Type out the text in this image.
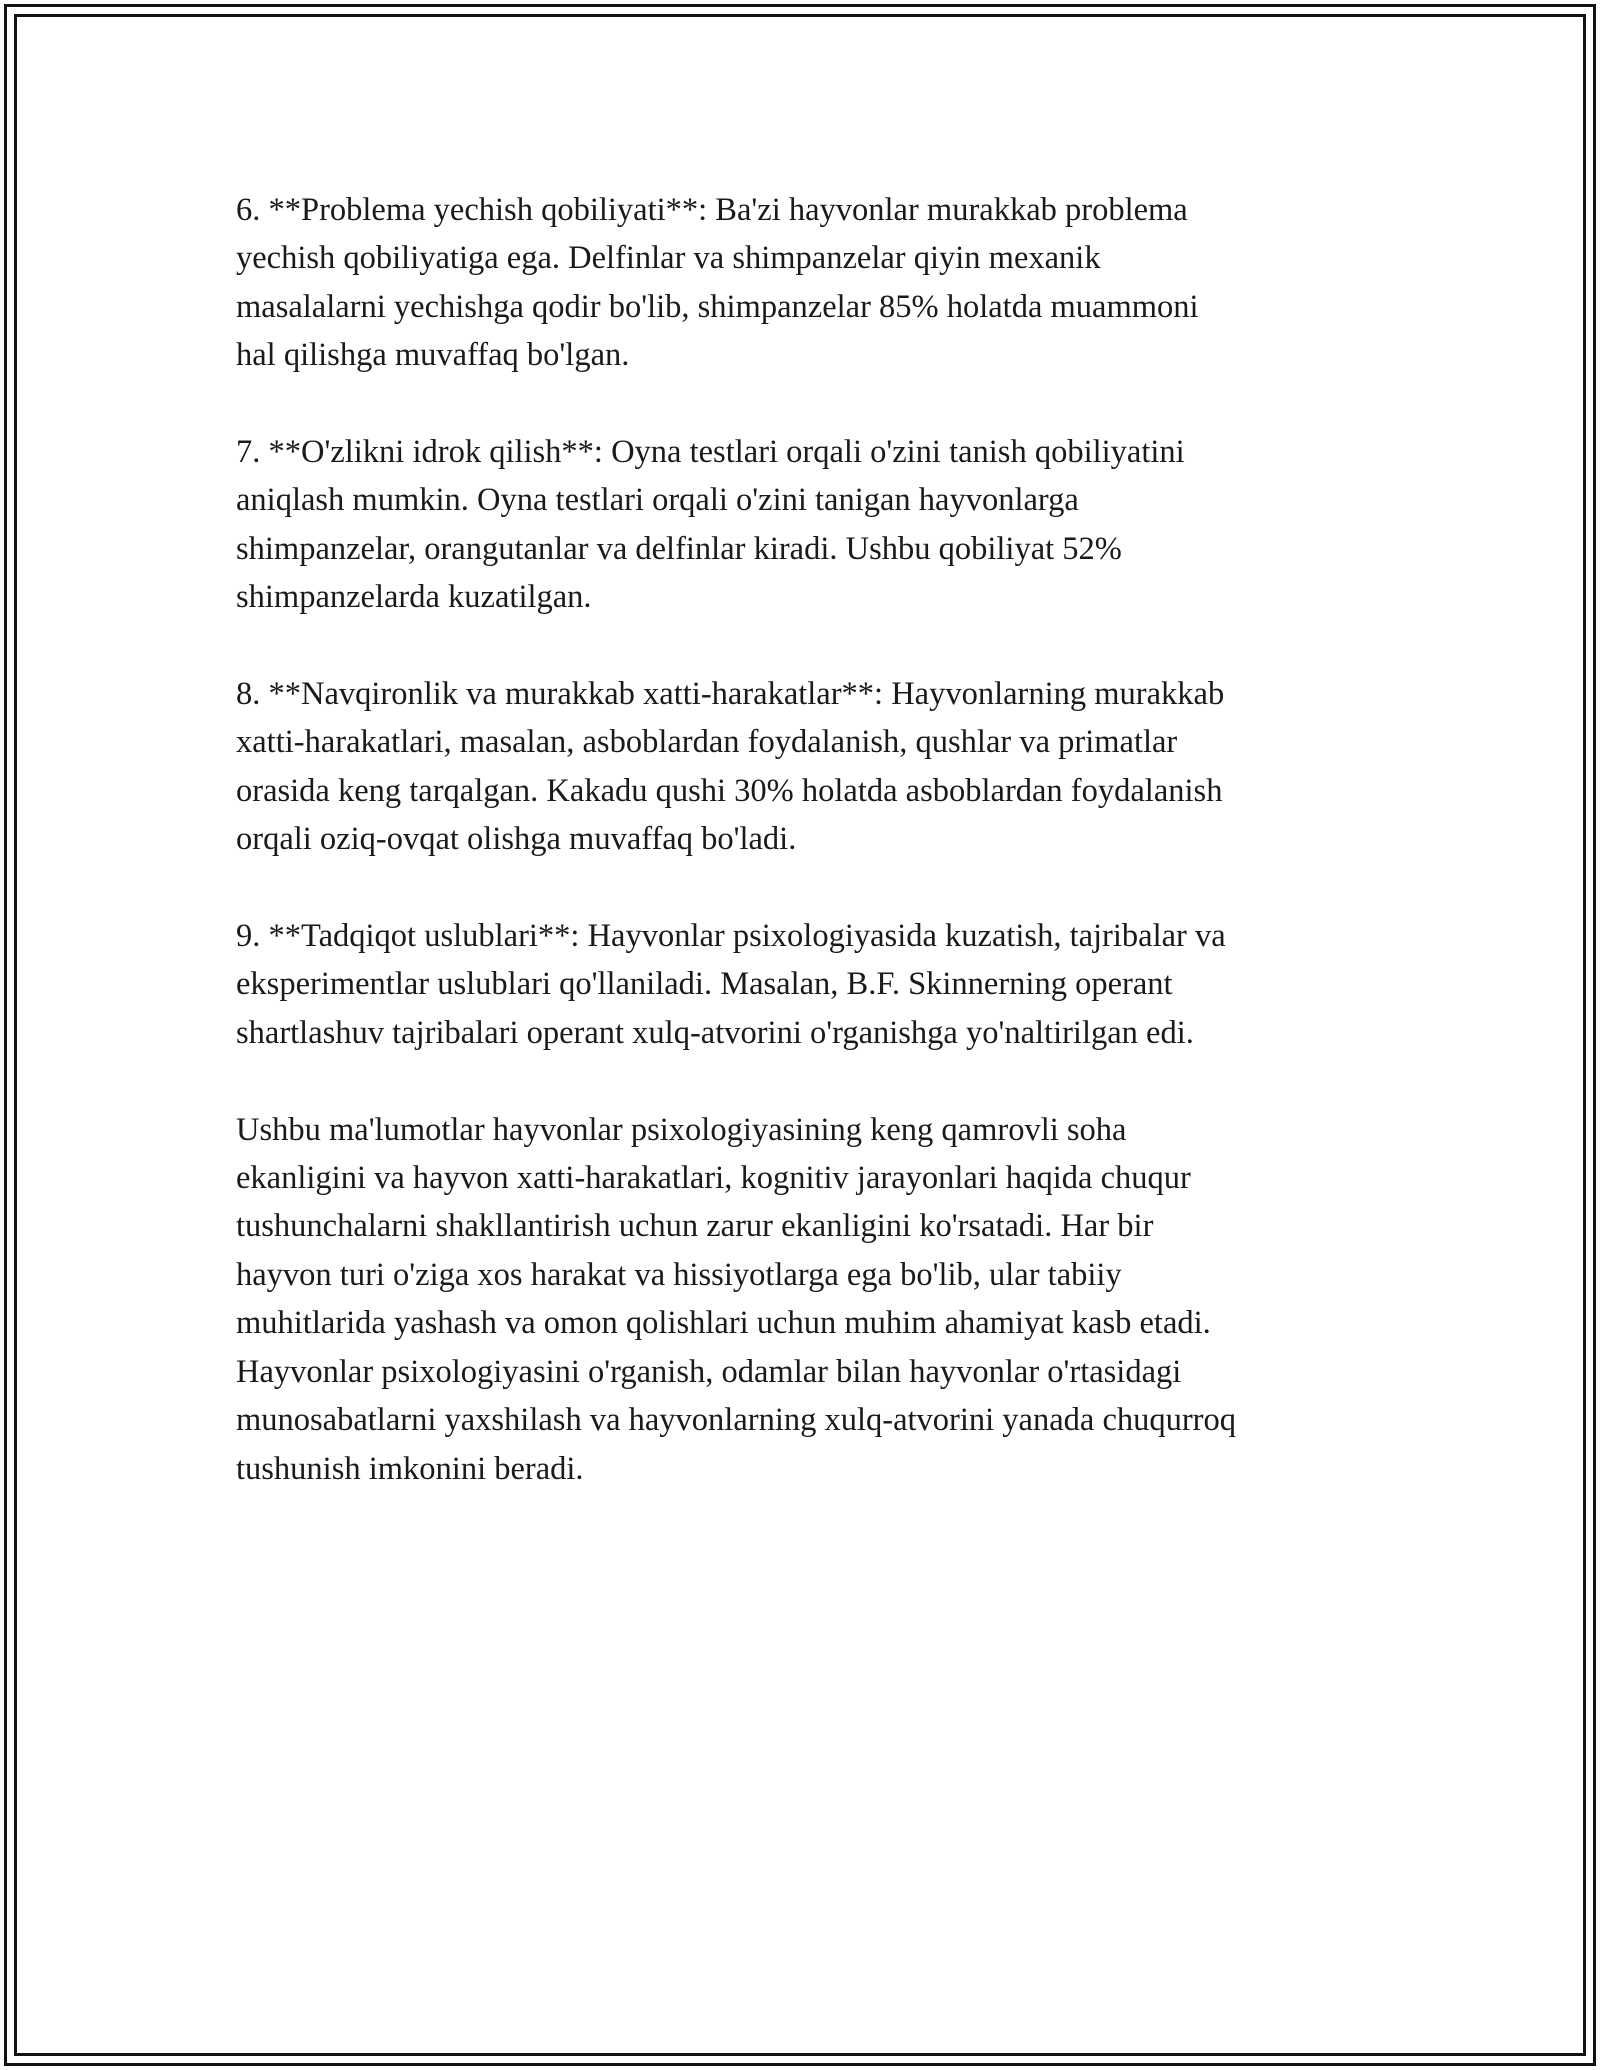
6. **Problema yechish qobiliyati**: Ba'zi hayvonlar murakkab problema
yechish qobiliyatiga ega. Delfinlar va shimpanzelar qiyin mexanik
masalalarni yechishga qodir bo'lib, shimpanzelar 85% holatda muammoni
hal qilishga muvaffaq bo'lgan.

7. **O'zlikni idrok qilish**: Oyna testlari orqali o'zini tanish qobiliyatini
aniqlash mumkin. Oyna testlari orqali o'zini tanigan hayvonlarga
shimpanzelar, orangutanlar va delfinlar kiradi. Ushbu qobiliyat 52%
shimpanzelarda kuzatilgan.

8. **Navqironlik va murakkab xatti-harakatlar**: Hayvonlarning murakkab
xatti-harakatlari, masalan, asboblardan foydalanish, qushlar va primatlar
orasida keng tarqalgan. Kakadu qushi 30% holatda asboblardan foydalanish
orqali oziq-ovqat olishga muvaffaq bo'ladi.

9. **Tadqiqot uslublari**: Hayvonlar psixologiyasida kuzatish, tajribalar va
eksperimentlar uslublari qo'llaniladi. Masalan, B.F. Skinnerning operant
shartlashuv tajribalari operant xulq-atvorini o'rganishga yo'naltirilgan edi.

Ushbu ma'lumotlar hayvonlar psixologiyasining keng qamrovli soha
ekanligini va hayvon xatti-harakatlari, kognitiv jarayonlari haqida chuqur
tushunchalarni shakllantirish uchun zarur ekanligini ko'rsatadi. Har bir
hayvon turi o'ziga xos harakat va hissiyotlarga ega bo'lib, ular tabiiy
muhitlarida yashash va omon qolishlari uchun muhim ahamiyat kasb etadi.
Hayvonlar psixologiyasini o'rganish, odamlar bilan hayvonlar o'rtasidagi
munosabatlarni yaxshilash va hayvonlarning xulq-atvorini yanada chuqurroq
tushunish imkonini beradi.
